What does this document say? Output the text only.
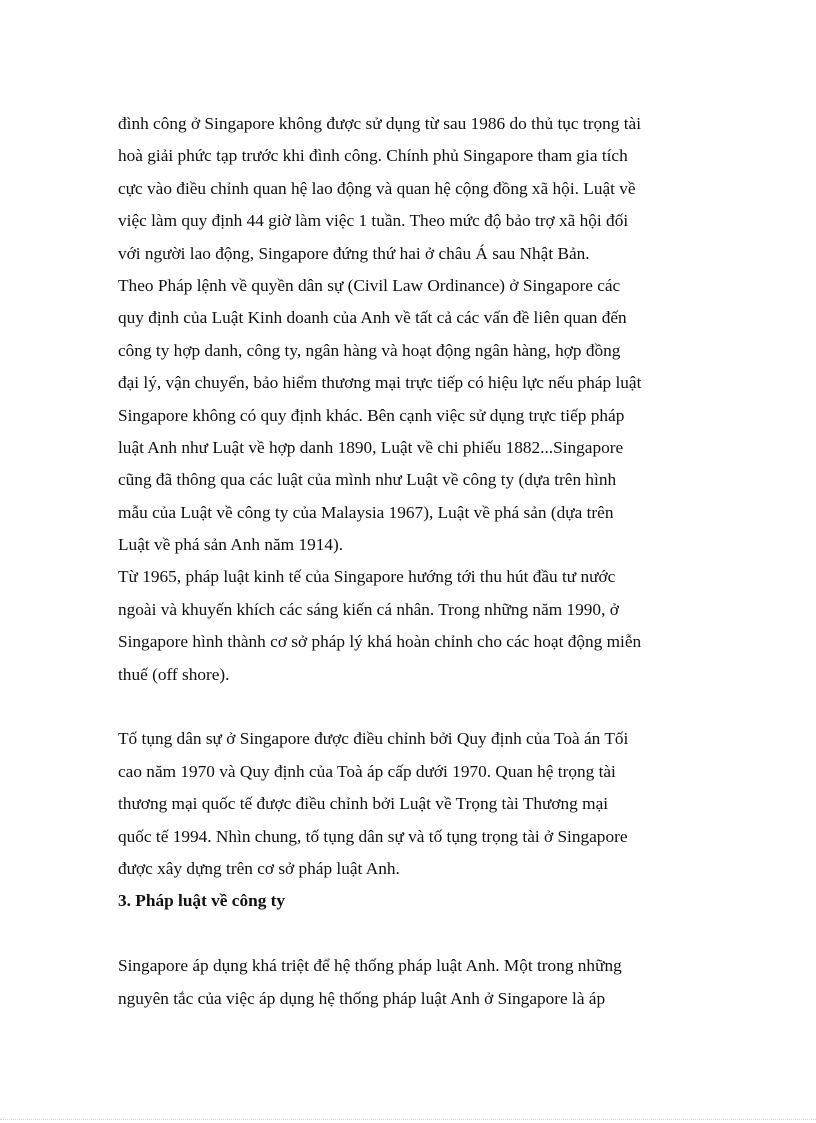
đình công ở Singapore không được sử dụng từ sau 1986 do thủ tục trọng tài
hoà giải phức tạp trước khi đình công. Chính phủ Singapore tham gia tích
cực vào điều chỉnh quan hệ lao động và quan hệ cộng đồng xã hội. Luật về
việc làm quy định 44 giờ làm việc 1 tuần. Theo mức độ bảo trợ xã hội đối
với người lao động, Singapore đứng thứ hai ở châu Á sau Nhật Bản.
Theo Pháp lệnh về quyền dân sự (Civil Law Ordinance) ở Singapore các
quy định của Luật Kinh doanh của Anh về tất cả các vấn đề liên quan đến
công ty hợp danh, công ty, ngân hàng và hoạt động ngân hàng, hợp đồng
đại lý, vận chuyển, bảo hiểm thương mại trực tiếp có hiệu lực nếu pháp luật
Singapore không có quy định khác. Bên cạnh việc sử dụng trực tiếp pháp
luật Anh như Luật về hợp danh 1890, Luật về chi phiếu 1882...Singapore
cũng đã thông qua các luật của mình như Luật về công ty (dựa trên hình
mẫu của Luật về công ty của Malaysia 1967), Luật về phá sản (dựa trên
Luật về phá sản Anh năm 1914).
Từ 1965, pháp luật kinh tế của Singapore hướng tới thu hút đầu tư nước
ngoài và khuyến khích các sáng kiến cá nhân. Trong những năm 1990, ở
Singapore hình thành cơ sở pháp lý khá hoàn chỉnh cho các hoạt động miễn
thuế (off shore).
Tố tụng dân sự ở Singapore được điều chỉnh bởi Quy định của Toà án Tối
cao năm 1970 và Quy định của Toà áp cấp dưới 1970. Quan hệ trọng tài
thương mại quốc tế được điều chỉnh bởi Luật về Trọng tài Thương mại
quốc tế 1994. Nhìn chung, tố tụng dân sự và tố tụng trọng tài ở Singapore
được xây dựng trên cơ sở pháp luật Anh.
3. Pháp luật về công ty
Singapore áp dụng khá triệt để hệ thống pháp luật Anh. Một trong những
nguyên tắc của việc áp dụng hệ thống pháp luật Anh ở Singapore là áp
